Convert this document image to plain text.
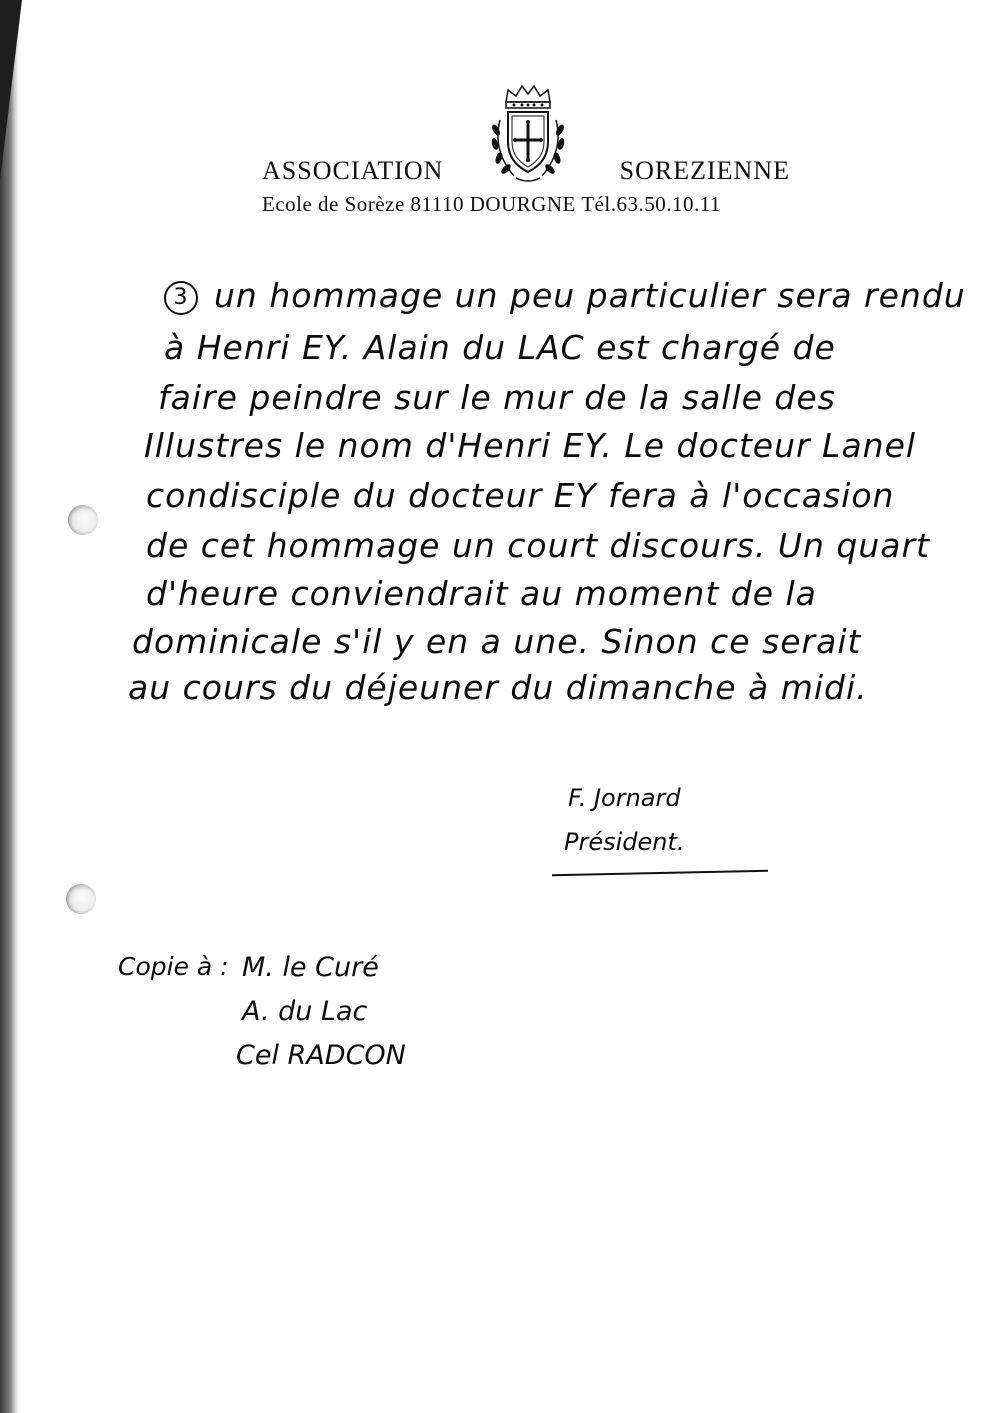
ASSOCIATION	SOREZIENNE
Ecole de Sorèze 81110 DOURGNE Tél.63.50.10.11
3 un hommage un peu particulier sera rendu
à Henri EY. Alain du LAC est chargé de
faire peindre sur le mur de la salle des
Illustres le nom d'Henri EY. Le docteur Lanel
condisciple du docteur EY fera à l'occasion
de cet hommage un court discours. Un quart
d'heure conviendrait au moment de la
dominicale s'il y en a une. Sinon ce serait
au cours du déjeuner du dimanche à midi.
F. Jornard
Président.
Copie à : M. le Curé
A. du Lac
Cel RADCON
